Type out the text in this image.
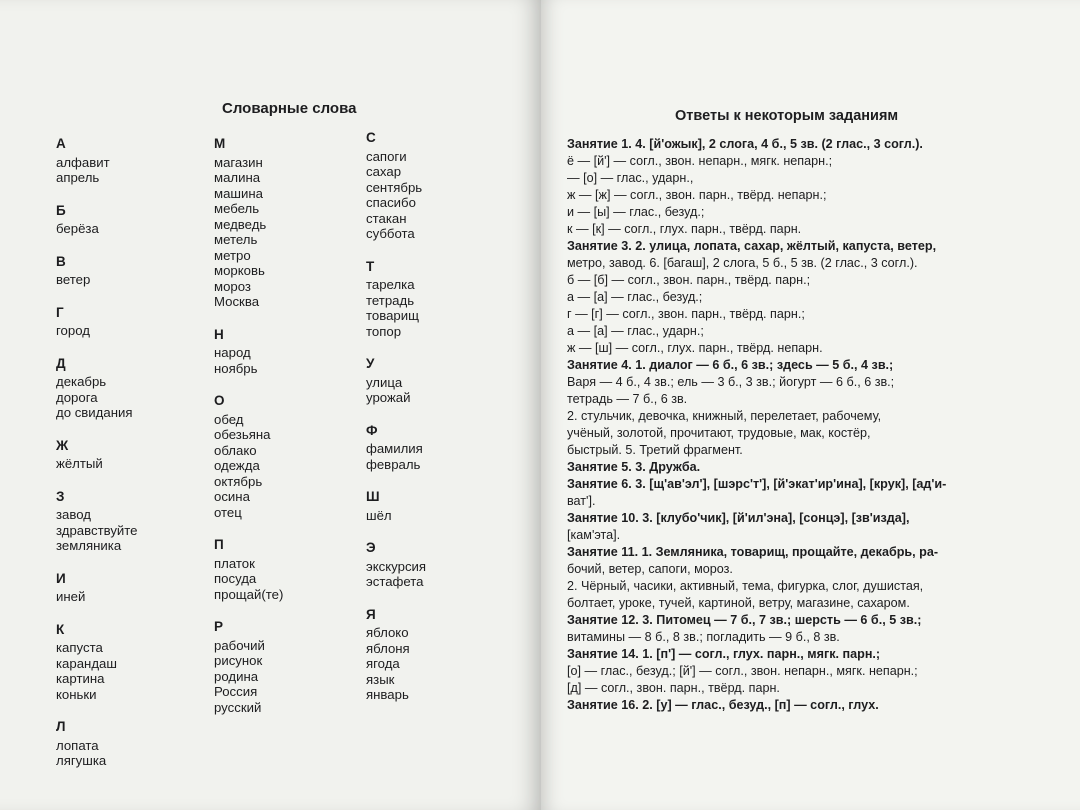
Словарные слова
А
алфавит
апрель
Б
берёза
В
ветер
Г
город
Д
декабрь
дорога
до свидания
Ж
жёлтый
З
завод
здравствуйте
земляника
И
иней
К
капуста
карандаш
картина
коньки
Л
лопата
лягушка
М
магазин
малина
машина
мебель
медведь
метель
метро
морковь
мороз
Москва
Н
народ
ноябрь
О
обед
обезьяна
облако
одежда
октябрь
осина
отец
П
платок
посуда
прощай(те)
Р
рабочий
рисунок
родина
Россия
русский
С
сапоги
сахар
сентябрь
спасибо
стакан
суббота
Т
тарелка
тетрадь
товарищ
топор
У
улица
урожай
Ф
фамилия
февраль
Ш
шёл
Э
экскурсия
эстафета
Я
яблоко
яблоня
ягода
язык
январь
Ответы к некоторым заданиям
Занятие 1. 4. [й'ожык], 2 слога, 4 б., 5 зв. (2 глас., 3 согл.).
ё — [й'] — согл., звон. непарн., мягк. непарн.;
— [о] — глас., ударн.,
ж — [ж] — согл., звон. парн., твёрд. непарн.;
и — [ы] — глас., безуд.;
к — [к] — согл., глух. парн., твёрд. парн.
Занятие 3. 2. улица, лопата, сахар, жёлтый, капуста, ветер,
метро, завод. 6. [багаш], 2 слога, 5 б., 5 зв. (2 глас., 3 согл.).
б — [б] — согл., звон. парн., твёрд. парн.;
а — [а] — глас., безуд.;
г — [г] — согл., звон. парн., твёрд. парн.;
а — [а] — глас., ударн.;
ж — [ш] — согл., глух. парн., твёрд. непарн.
Занятие 4. 1. диалог — 6 б., 6 зв.; здесь — 5 б., 4 зв.;
Варя — 4 б., 4 зв.; ель — 3 б., 3 зв.; йогурт — 6 б., 6 зв.;
тетрадь — 7 б., 6 зв.
2. стульчик, девочка, книжный, перелетает, рабочему,
учёный, золотой, прочитают, трудовые, мак, костёр,
быстрый. 5. Третий фрагмент.
Занятие 5. 3. Дружба.
Занятие 6. 3. [щ'ав'эл'], [шэрс'т'], [й'экат'ир'ина], [крук], [ад'и-
ват'].
Занятие 10. 3. [клубо'чик], [й'ил'эна], [сонцэ], [зв'изда],
[кам'эта].
Занятие 11. 1. Земляника, товарищ, прощайте, декабрь, ра-
бочий, ветер, сапоги, мороз.
2. Чёрный, часики, активный, тема, фигурка, слог, душистая,
болтает, уроке, тучей, картиной, ветру, магазине, сахаром.
Занятие 12. 3. Питомец — 7 б., 7 зв.; шерсть — 6 б., 5 зв.;
витамины — 8 б., 8 зв.; погладить — 9 б., 8 зв.
Занятие 14. 1. [п'] — согл., глух. парн., мягк. парн.;
[о] — глас., безуд.; [й'] — согл., звон. непарн., мягк. непарн.;
[д] — согл., звон. парн., твёрд. парн.
Занятие 16. 2. [у] — глас., безуд., [п] — согл., глух.
